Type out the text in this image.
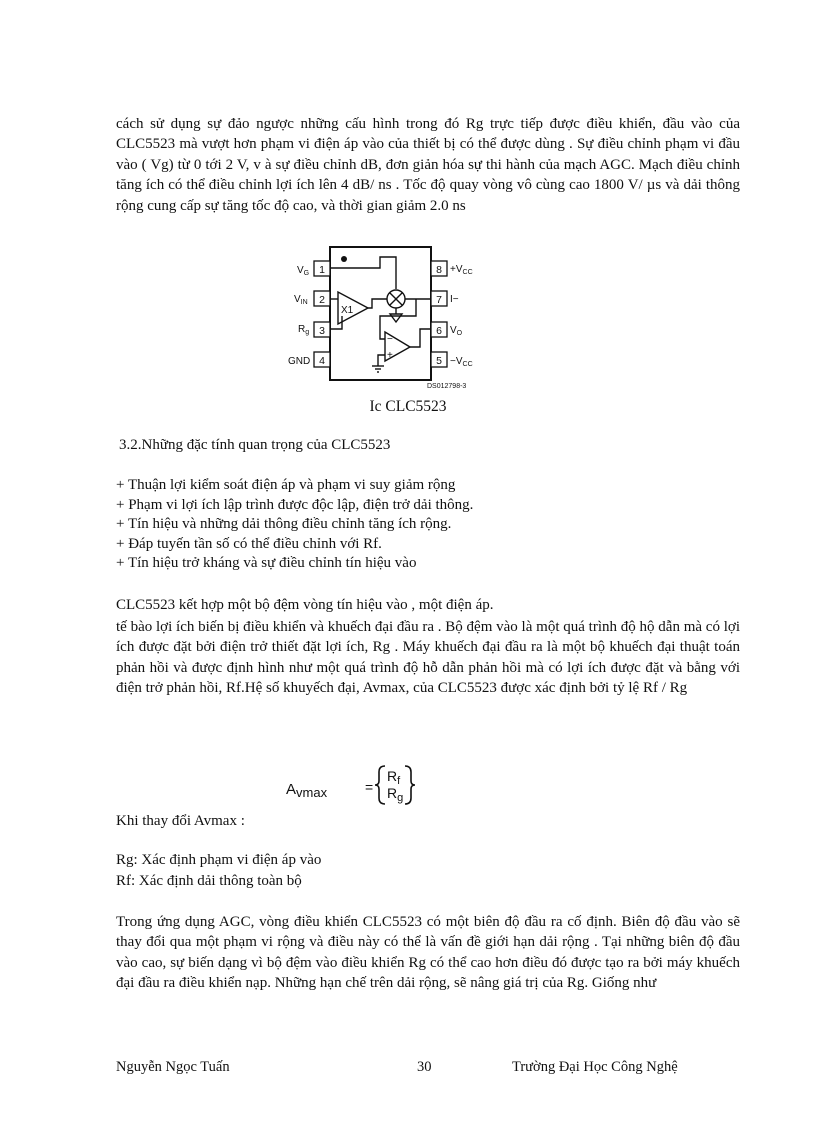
cách sử dụng sự đảo ngược những cấu hình trong đó Rg trực tiếp được điều khiển, đầu vào của CLC5523 mà vượt hơn phạm vi điện áp vào của thiết bị có thể được dùng . Sự điều chỉnh phạm vi đầu vào ( Vg) từ 0 tới 2 V, v à sự điều chỉnh dB, đơn giản hóa sự thi hành của mạch AGC. Mạch điều chỉnh tăng ích có thể điều chỉnh lợi ích lên 4 dB/ ns . Tốc độ quay vòng vô cùng cao 1800 V/ µs và dải thông rộng cung cấp sự tăng tốc độ cao, và thời gian giảm 2.0 ns

1
2
3
4
8
7
6
5
$V_G$
$V_{IN}$
$R_g$
GND
$+V_{CC}$
I−
$V_O$
$-V_{CC}$
X1
−
+
DS012798-3

Ic CLC5523

3.2.Những đặc tính quan trọng của CLC5523
+ Thuận lợi kiểm soát điện áp và phạm vi suy giảm rộng
+ Phạm vi lợi ích lập trình được độc lập, điện trở dải thông.
+ Tín hiệu và những dải thông điều chỉnh tăng ích rộng.
+ Đáp tuyến tần số có thể điều chỉnh với Rf.
+ Tín hiệu trở kháng và sự điều chỉnh tín hiệu vào

CLC5523 kết hợp một bộ đệm vòng tín hiệu vào , một điện áp.

tế bào lợi ích biến bị điều khiển và khuếch đại đầu ra . Bộ đệm vào là một quá trình độ hộ dẫn mà có lợi ích được đặt bởi điện trở thiết đặt lợi ích, Rg . Máy khuếch đại đầu ra là một bộ khuếch đại thuật toán phản hồi và được định hình như một quá trình độ hỗ dẫn phản hồi mà có lợi ích được đặt và bằng với điện trở phản hồi, Rf.Hệ số khuyếch đại, Avmax, của CLC5523 được xác định bởi tỷ lệ Rf / Rg

Avmax	=
$R_f$
$R_g$

Khi thay đổi Avmax :

Rg: Xác định phạm vi điện áp vào

Rf: Xác định dải thông toàn bộ

Trong ứng dụng AGC, vòng điều khiển CLC5523 có một biên độ đầu ra cố định. Biên độ đầu vào sẽ thay đổi qua một phạm vi rộng và điều này có thể là vấn đề giới hạn dải rộng . Tại những biên độ đầu vào cao, sự biến dạng vì bộ đệm vào điều khiển Rg có thể cao hơn điều đó được tạo ra bởi máy khuếch đại đầu ra điều khiển nạp. Những hạn chế trên dải rộng, sẽ nâng giá trị của Rg. Giống như

Nguyễn Ngọc Tuấn	30	Trường Đại Học Công Nghệ
